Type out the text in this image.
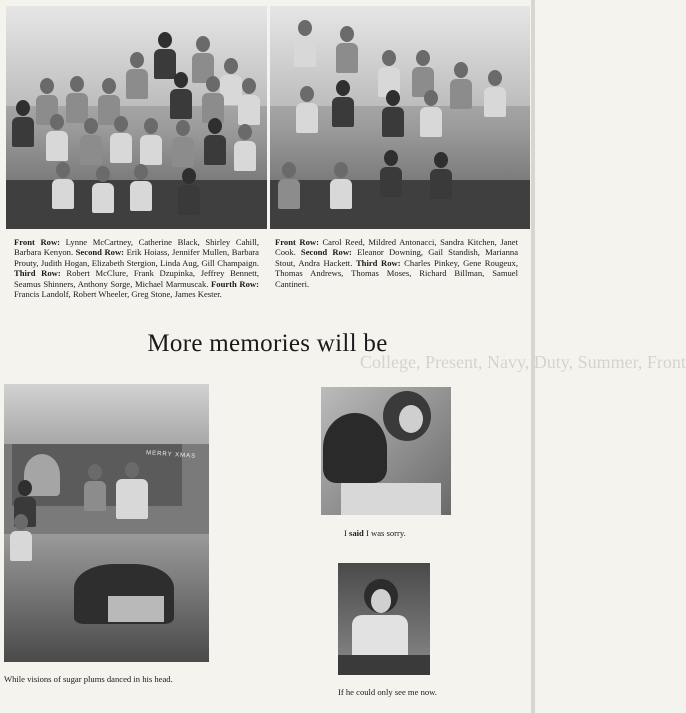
Front Row: Lynne McCartney, Catherine Black, Shirley Cahill, Barbara Kenyon. Second Row: Erik Hoiass, Jennifer Mullen, Barbara Prouty, Judith Hogan, Elizabeth Stergion, Linda Aug, Gill Champaign. Third Row: Robert McClure, Frank Dzupinka, Jeffrey Bennett, Seamus Shinners, Anthony Sorge, Michael Marmuscak. Fourth Row: Francis Landolf, Robert Wheeler, Greg Stone, James Kester.
Front Row: Carol Reed, Mildred Antonacci, Sandra Kitchen, Janet Cook. Second Row: Eleanor Downing, Gail Standish, Marianna Stout, Andra Hackett. Third Row: Charles Pinkey, Gene Rougeux, Thomas Andrews, Thomas Moses, Richard Billman, Samuel Cantineri.
College, Present, Navy, Duty, Summer, Front
More memories will be
MERRY XMAS
While visions of sugar plums danced in his head.
I said I was sorry.
If he could only see me now.
